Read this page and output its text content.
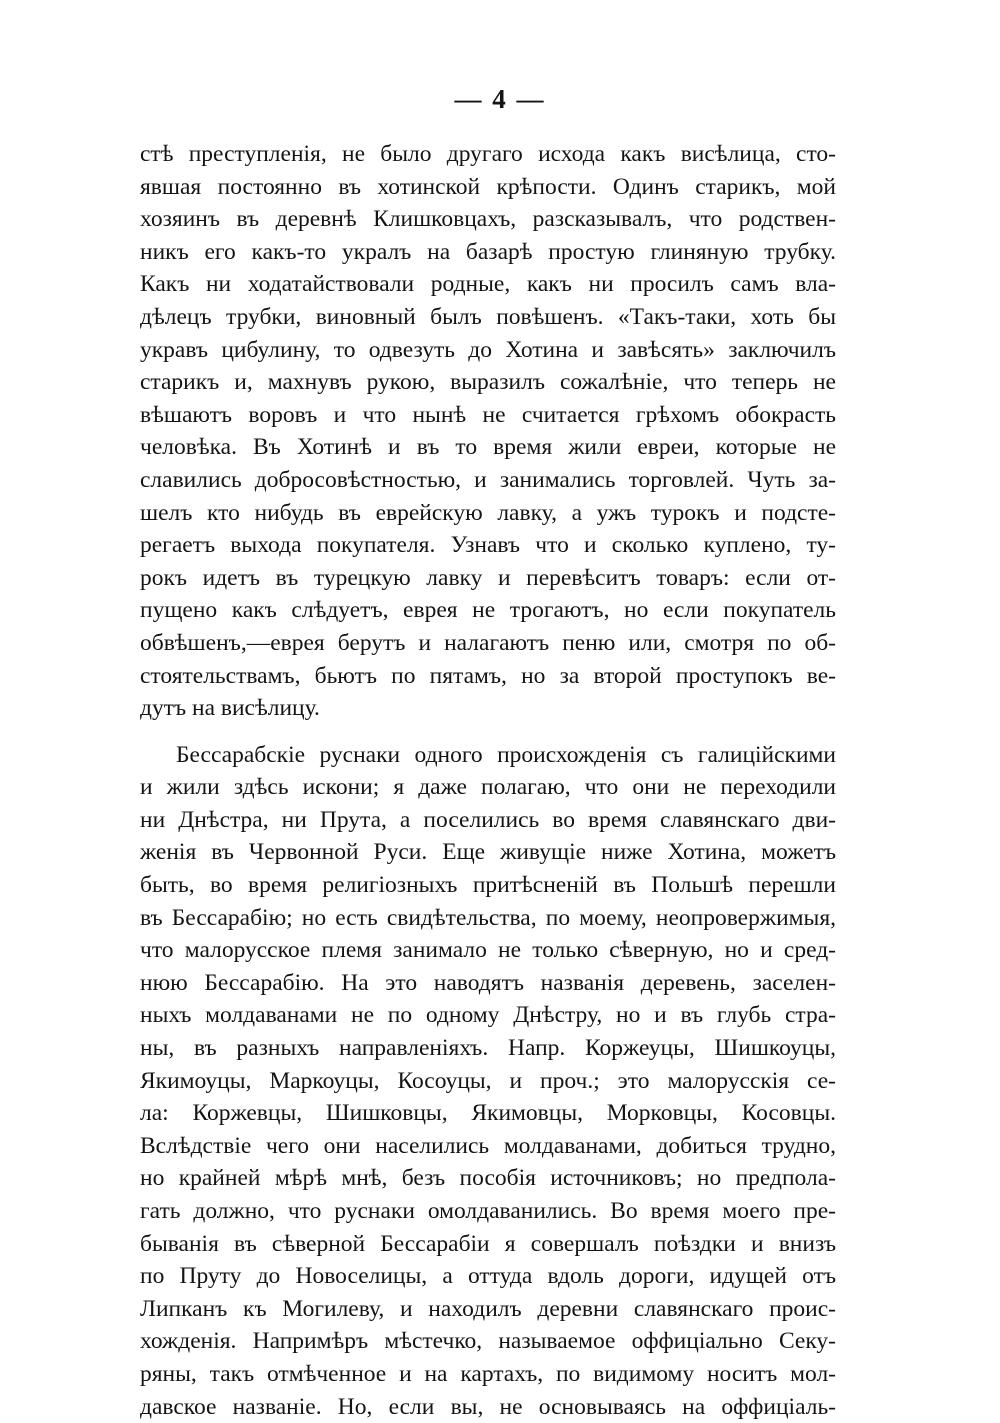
— 4 —
стѣ преступленія, не было другаго исхода какъ висѣлица, сто-
явшая постоянно въ хотинской крѣпости. Одинъ старикъ, мой
хозяинъ въ деревнѣ Клишковцахъ, разсказывалъ, что родствен-
никъ его какъ-то укралъ на базарѣ простую глиняную трубку.
Какъ ни ходатайствовали родные, какъ ни просилъ самъ вла-
дѣлецъ трубки, виновный былъ повѣшенъ. «Такъ-таки, хоть бы
укравъ цибулину, то одвезуть до Хотина и завѣсять» заключилъ
старикъ и, махнувъ рукою, выразилъ сожалѣніе, что теперь не
вѣшаютъ воровъ и что нынѣ не считается грѣхомъ обокрасть
человѣка. Въ Хотинѣ и въ то время жили евреи, которые не
славились добросовѣстностью, и занимались торговлей. Чуть за-
шелъ кто нибудь въ еврейскую лавку, а ужъ турокъ и подсте-
регаетъ выхода покупателя. Узнавъ что и сколько куплено, ту-
рокъ идетъ въ турецкую лавку и перевѣситъ товаръ: если от-
пущено какъ слѣдуетъ, еврея не трогаютъ, но если покупатель
обвѣшенъ,—еврея берутъ и налагаютъ пеню или, смотря по об-
стоятельствамъ, бьютъ по пятамъ, но за второй проступокъ ве-
дутъ на висѣлицу.
Бессарабскіе руснаки одного происхожденія съ галиційскими
и жили здѣсь искони; я даже полагаю, что они не переходили
ни Днѣстра, ни Прута, а поселились во время славянскаго дви-
женія въ Червонной Руси. Еще живущіе ниже Хотина, можетъ
быть, во время религіозныхъ притѣсненій въ Польшѣ перешли
въ Бессарабію; но есть свидѣтельства, по моему, неопровержимыя,
что малорусское племя занимало не только сѣверную, но и сред-
нюю Бессарабію. На это наводятъ названія деревень, заселен-
ныхъ молдаванами не по одному Днѣстру, но и въ глубь стра-
ны, въ разныхъ направленіяхъ. Напр. Коржеуцы, Шишкоуцы,
Якимоуцы, Маркоуцы, Косоуцы, и проч.; это малорусскія се-
ла: Коржевцы, Шишковцы, Якимовцы, Морковцы, Косовцы.
Вслѣдствіе чего они населились молдаванами, добиться трудно,
но крайней мѣрѣ мнѣ, безъ пособія источниковъ; но предпола-
гать должно, что руснаки омолдаванились. Во время моего пре-
быванія въ сѣверной Бессарабіи я совершалъ поѣздки и внизъ
по Пруту до Новоселицы, а оттуда вдоль дороги, идущей отъ
Липканъ къ Могилеву, и находилъ деревни славянскаго проис-
хожденія. Напримѣръ мѣстечко, называемое оффиціально Секу-
ряны, такъ отмѣченное и на картахъ, по видимому носитъ мол-
давское названіе. Но, если вы, не основываясь на оффиціаль-
